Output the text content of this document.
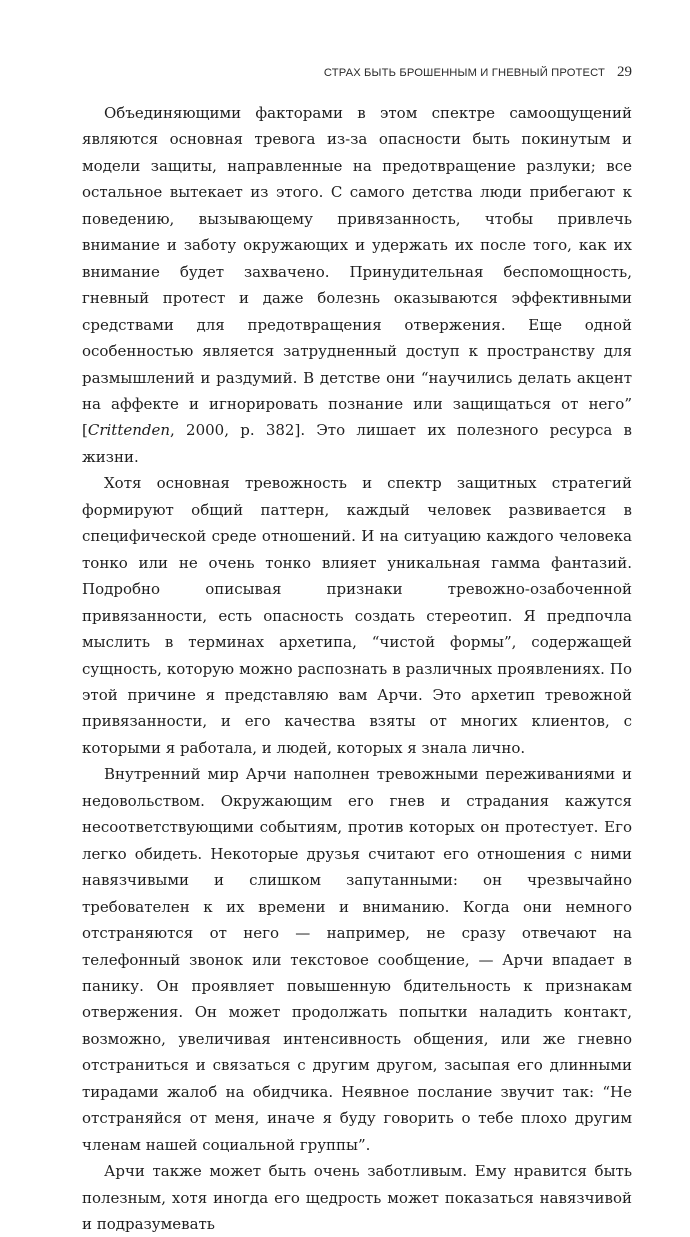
СТРАХ БЫТЬ БРОШЕННЫМ И ГНЕВНЫЙ ПРОТЕСТ 29

Объединяющими факторами в этом спектре самоощущений являются основная тревога из-за опасности быть покинутым и модели защиты, направленные на предотвращение разлуки; все остальное вытекает из этого. С самого детства люди прибегают к поведению, вызывающему привязанность, чтобы привлечь внимание и заботу окружающих и удержать их после того, как их внимание будет захвачено. Принудительная беспомощность, гневный протест и даже болезнь оказываются эффективными средствами для предотвращения отвержения. Еще одной особенностью является затрудненный доступ к пространству для размышлений и раздумий. В детстве они “научились делать акцент на аффекте и игнорировать познание или защищаться от него” [Crittenden, 2000, p. 382]. Это лишает их полезного ресурса в жизни.

Хотя основная тревожность и спектр защитных стратегий формируют общий паттерн, каждый человек развивается в специфической среде отношений. И на ситуацию каждого человека тонко или не очень тонко влияет уникальная гамма фантазий. Подробно описывая признаки тревожно-озабоченной привязанности, есть опасность создать стереотип. Я предпочла мыслить в терминах архетипа, “чистой формы”, содержащей сущность, которую можно распознать в различных проявлениях. По этой причине я представляю вам Арчи. Это архетип тревожной привязанности, и его качества взяты от многих клиентов, с которыми я работала, и людей, которых я знала лично.

Внутренний мир Арчи наполнен тревожными переживаниями и недовольством. Окружающим его гнев и страдания кажутся несоответствующими событиям, против которых он протестует. Его легко обидеть. Некоторые друзья считают его отношения с ними навязчивыми и слишком запутанными: он чрезвычайно требователен к их времени и вниманию. Когда они немного отстраняются от него — например, не сразу отвечают на телефонный звонок или текстовое сообщение, — Арчи впадает в панику. Он проявляет повышенную бдительность к признакам отвержения. Он может продолжать попытки наладить контакт, возможно, увеличивая интенсивность общения, или же гневно отстраниться и связаться с другим другом, засыпая его длинными тирадами жалоб на обидчика. Неявное послание звучит так: “Не отстраняйся от меня, иначе я буду говорить о тебе плохо другим членам нашей социальной группы”.

Арчи также может быть очень заботливым. Ему нравится быть полезным, хотя иногда его щедрость может показаться навязчивой и подразумевать
